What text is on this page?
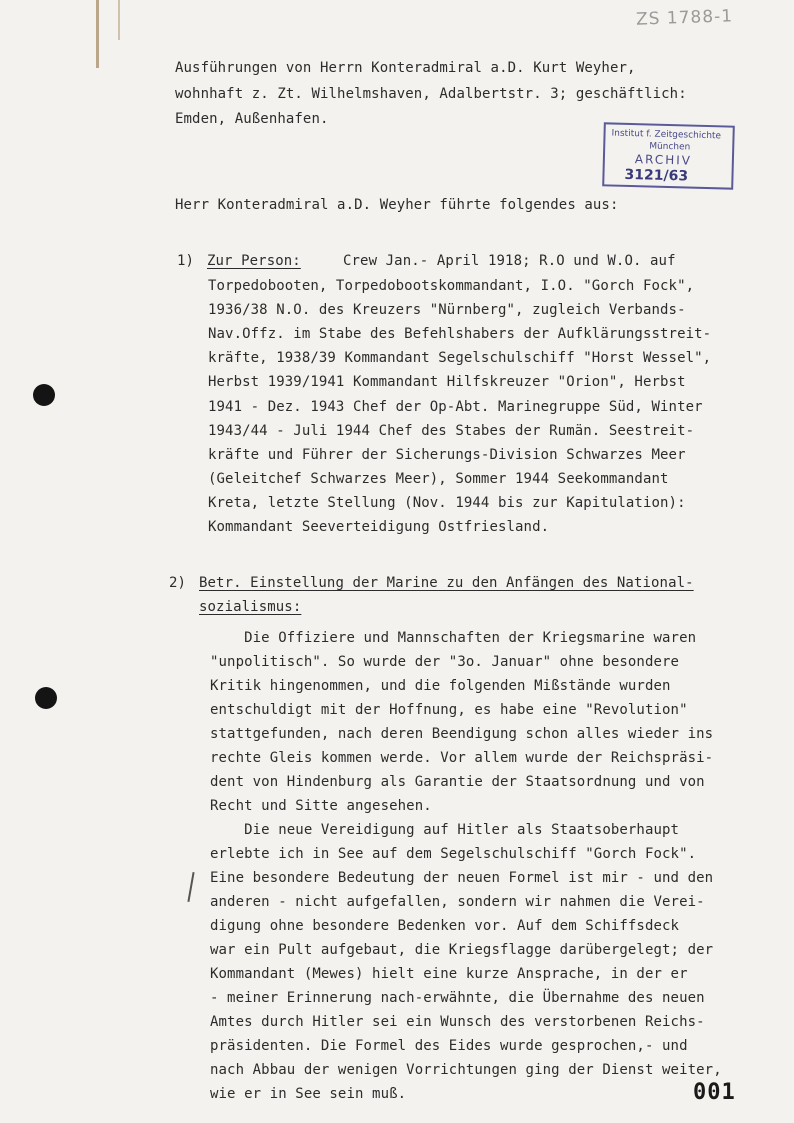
ZS 1788-1
Institut f. Zeitgeschichte
München
ARCHIV
3121/63
Ausführungen von Herrn Konteradmiral a.D. Kurt Weyher,
wohnhaft z. Zt. Wilhelmshaven, Adalbertstr. 3; geschäftlich:
Emden, Außenhafen.
Herr Konteradmiral a.D. Weyher führte folgendes aus:
1) Zur Person:	Crew Jan.- April 1918; R.O und W.O. auf
Torpedobooten, Torpedobootskommandant, I.O. "Gorch Fock",
1936/38 N.O. des Kreuzers "Nürnberg", zugleich Verbands-
Nav.Offz. im Stabe des Befehlshabers der Aufklärungsstreit-
kräfte, 1938/39 Kommandant Segelschulschiff "Horst Wessel",
Herbst 1939/1941 Kommandant Hilfskreuzer "Orion", Herbst
1941 - Dez. 1943 Chef der Op-Abt. Marinegruppe Süd, Winter
1943/44 - Juli 1944 Chef des Stabes der Rumän. Seestreit-
kräfte und Führer der Sicherungs-Division Schwarzes Meer
(Geleitchef Schwarzes Meer), Sommer 1944 Seekommandant
Kreta, letzte Stellung (Nov. 1944 bis zur Kapitulation):
Kommandant Seeverteidigung Ostfriesland.
2) Betr. Einstellung der Marine zu den Anfängen des National-
sozialismus:
Die Offiziere und Mannschaften der Kriegsmarine waren
"unpolitisch". So wurde der "3o. Januar" ohne besondere
Kritik hingenommen, und die folgenden Mißstände wurden
entschuldigt mit der Hoffnung, es habe eine "Revolution"
stattgefunden, nach deren Beendigung schon alles wieder ins
rechte Gleis kommen werde. Vor allem wurde der Reichspräsi-
dent von Hindenburg als Garantie der Staatsordnung und von
Recht und Sitte angesehen.
Die neue Vereidigung auf Hitler als Staatsoberhaupt
erlebte ich in See auf dem Segelschulschiff "Gorch Fock".
Eine besondere Bedeutung der neuen Formel ist mir - und den
anderen - nicht aufgefallen, sondern wir nahmen die Verei-
digung ohne besondere Bedenken vor. Auf dem Schiffsdeck
war ein Pult aufgebaut, die Kriegsflagge darübergelegt; der
Kommandant (Mewes) hielt eine kurze Ansprache, in der er
- meiner Erinnerung nach-erwähnte, die Übernahme des neuen
Amtes durch Hitler sei ein Wunsch des verstorbenen Reichs-
präsidenten. Die Formel des Eides wurde gesprochen,- und
nach Abbau der wenigen Vorrichtungen ging der Dienst weiter,
wie er in See sein muß.	001
